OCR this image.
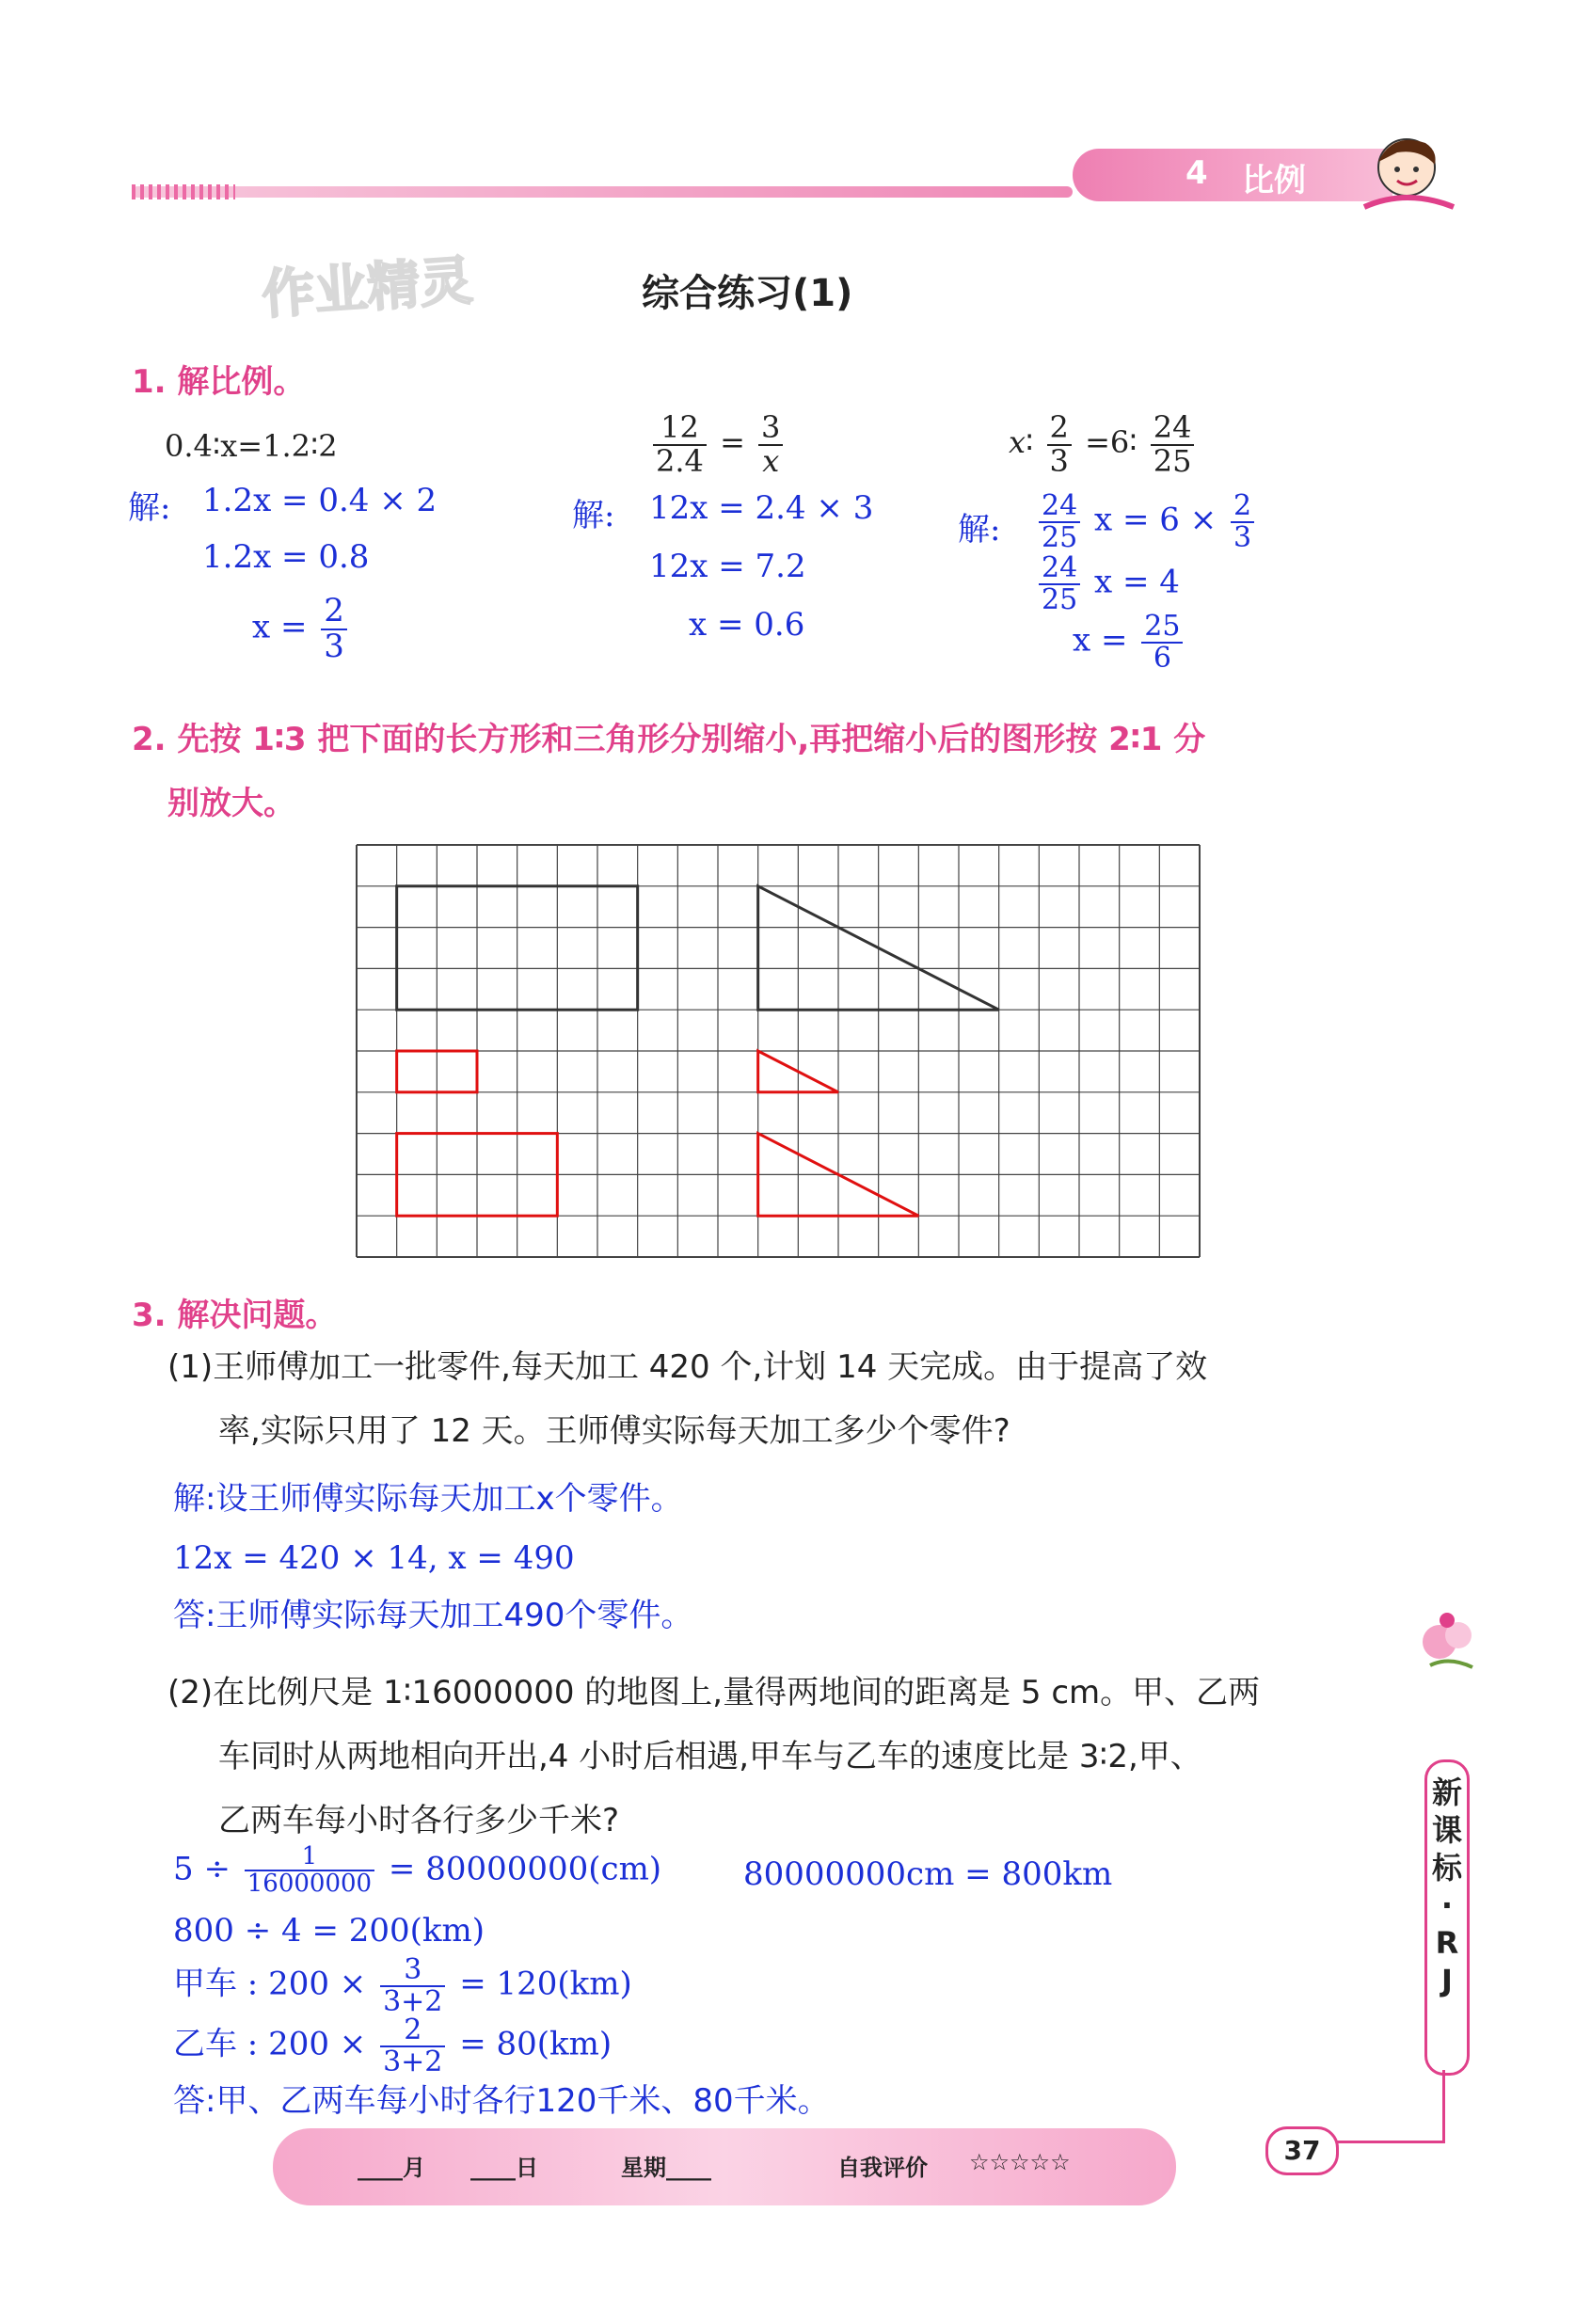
4 比例
作业精灵	综合练习(1)
1. 解比例。
0.4∶x=1.2∶2
解: 1.2x = 0.4 × 2
1.2x = 0.8
$x = \frac{2}{3}$
$\frac{12}{2.4} = \frac{3}{x}$
解: 12x = 2.4 × 3
12x = 7.2
x = 0.6
x∶ $\frac{2}{3}$ =6∶ $\frac{24}{25}$
解: $\frac{24}{25}$ $x = 6 \times \frac{2}{3}$
$\frac{24}{25}$ x = 4
$x = \frac{25}{6}$
2. 先按 1∶3 把下面的长方形和三角形分别缩小,再把缩小后的图形按 2∶1 分
别放大。
3. 解决问题。
(1)王师傅加工一批零件,每天加工 420 个,计划 14 天完成。由于提高了效
率,实际只用了 12 天。王师傅实际每天加工多少个零件?
解:设王师傅实际每天加工x个零件。
12x = 420 × 14, x = 490
答:王师傅实际每天加工490个零件。
(2)在比例尺是 1∶16000000 的地图上,量得两地间的距离是 5 cm。甲、乙两
车同时从两地相向开出,4 小时后相遇,甲车与乙车的速度比是 3∶2,甲、
乙两车每小时各行多少千米?
$5 \div \frac{1}{16000000} = 80000000(cm)$	80000000cm = 800km
800 ÷ 4 = 200(km)
甲车 : $200 \times \frac{3}{3+2} = 120(km)$
乙车 : $200 \times \frac{2}{3+2} = 80(km)$
答:甲、乙两车每小时各行120千米、80千米。
新
课
标
·
R
J
____月 ____日	星期____	自我评价 ☆☆☆☆☆	37
